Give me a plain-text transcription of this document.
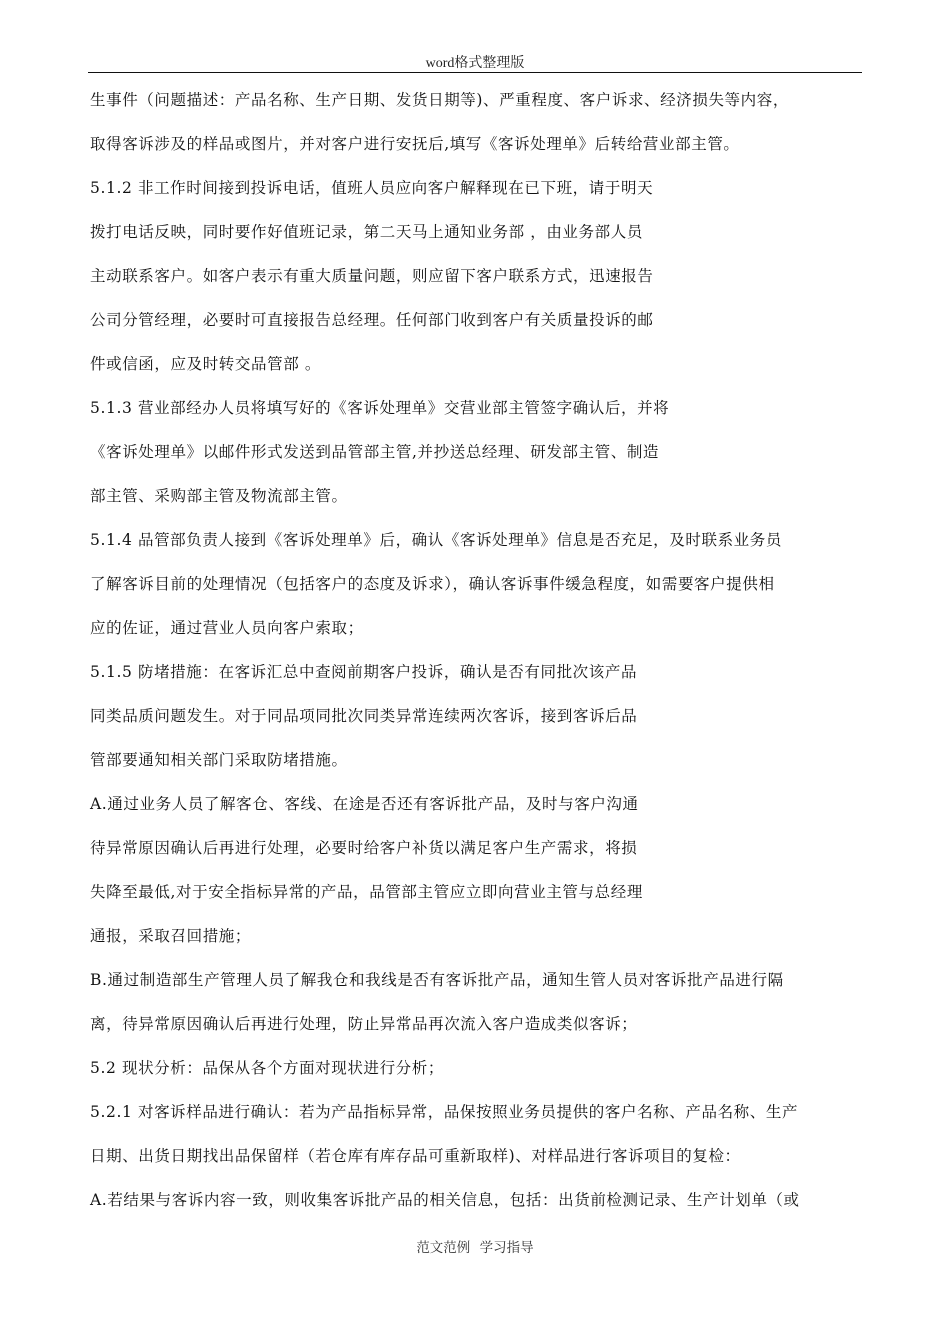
word格式整理版
生事件（问题描述：产品名称、生产日期、发货日期等)、严重程度、客户诉求、经济损失等内容，
取得客诉涉及的样品或图片，并对客户进行安抚后,填写《客诉处理单》后转给营业部主管。
5.1.2 非工作时间接到投诉电话，值班人员应向客户解释现在已下班，请于明天
拨打电话反映，同时要作好值班记录，第二天马上通知业务部 ，由业务部人员
主动联系客户。如客户表示有重大质量问题，则应留下客户联系方式，迅速报告
公司分管经理，必要时可直接报告总经理。任何部门收到客户有关质量投诉的邮
件或信函，应及时转交品管部 。
5.1.3 营业部经办人员将填写好的《客诉处理单》交营业部主管签字确认后，并将
《客诉处理单》以邮件形式发送到品管部主管,并抄送总经理、研发部主管、制造
部主管、采购部主管及物流部主管。
5.1.4 品管部负责人接到《客诉处理单》后，确认《客诉处理单》信息是否充足，及时联系业务员
了解客诉目前的处理情况（包括客户的态度及诉求），确认客诉事件缓急程度，如需要客户提供相
应的佐证，通过营业人员向客户索取；
5.1.5 防堵措施：在客诉汇总中查阅前期客户投诉，确认是否有同批次该产品
同类品质问题发生。对于同品项同批次同类异常连续两次客诉，接到客诉后品
管部要通知相关部门采取防堵措施。
A.通过业务人员了解客仓、客线、在途是否还有客诉批产品，及时与客户沟通
待异常原因确认后再进行处理，必要时给客户补货以满足客户生产需求，将损
失降至最低,对于安全指标异常的产品，品管部主管应立即向营业主管与总经理
通报，采取召回措施；
B.通过制造部生产管理人员了解我仓和我线是否有客诉批产品，通知生管人员对客诉批产品进行隔
离，待异常原因确认后再进行处理，防止异常品再次流入客户造成类似客诉；
5.2 现状分析：品保从各个方面对现状进行分析；
5.2.1 对客诉样品进行确认：若为产品指标异常，品保按照业务员提供的客户名称、产品名称、生产
日期、出货日期找出品保留样（若仓库有库存品可重新取样)、对样品进行客诉项目的复检：
A.若结果与客诉内容一致，则收集客诉批产品的相关信息，包括：出货前检测记录、生产计划单（或
范文范例 学习指导
